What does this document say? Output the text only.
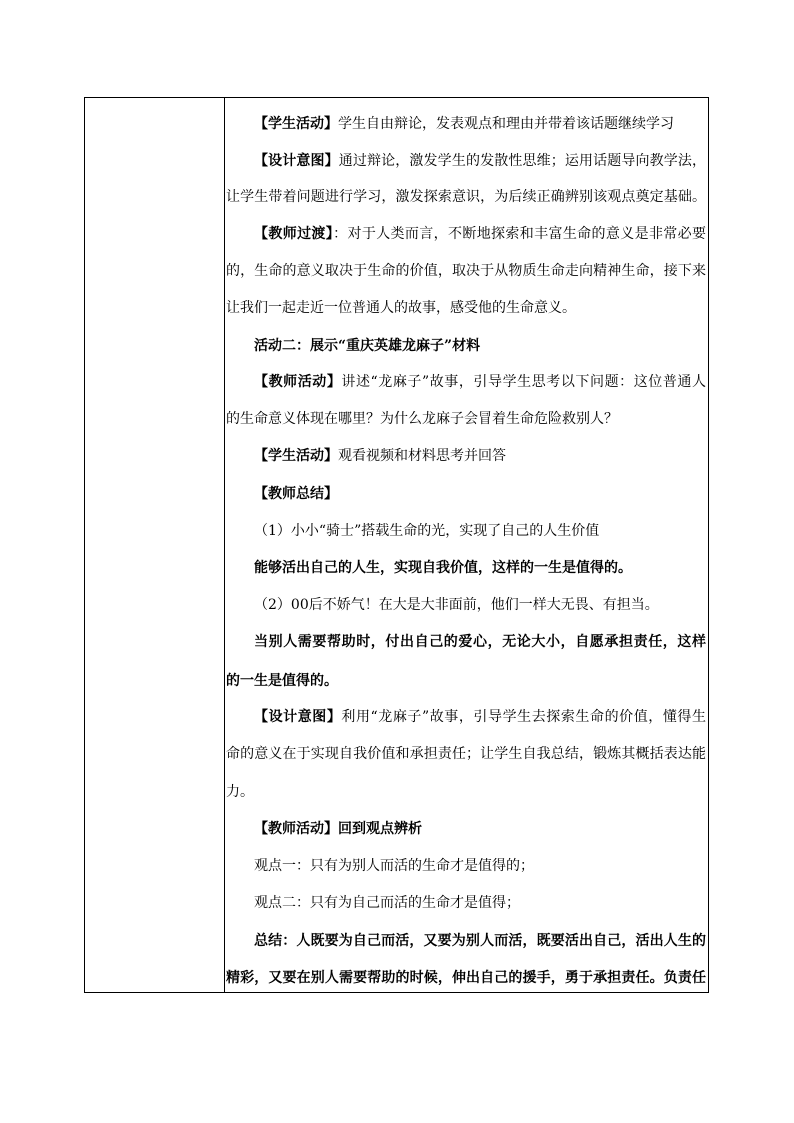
【学生活动】学生自由辩论，发表观点和理由并带着该话题继续学习
【设计意图】通过辩论，激发学生的发散性思维；运用话题导向教学法，
让学生带着问题进行学习，激发探索意识，为后续正确辨别该观点奠定基础。
【教师过渡】：对于人类而言，不断地探索和丰富生命的意义是非常必要
的，生命的意义取决于生命的价值，取决于从物质生命走向精神生命，接下来
让我们一起走近一位普通人的故事，感受他的生命意义。
活动二：展示“重庆英雄龙麻子”材料
【教师活动】讲述“龙麻子”故事，引导学生思考以下问题：这位普通人
的生命意义体现在哪里？为什么龙麻子会冒着生命危险救别人？
【学生活动】观看视频和材料思考并回答
【教师总结】
（1）小小“骑士”搭载生命的光，实现了自己的人生价值
能够活出自己的人生，实现自我价值，这样的一生是值得的。
（2）00后不娇气！在大是大非面前，他们一样大无畏、有担当。
当别人需要帮助时，付出自己的爱心，无论大小，自愿承担责任，这样
的一生是值得的。
【设计意图】利用“龙麻子”故事，引导学生去探索生命的价值，懂得生
命的意义在于实现自我价值和承担责任；让学生自我总结，锻炼其概括表达能
力。
【教师活动】回到观点辨析
观点一：只有为别人而活的生命才是值得的；
观点二：只有为自己而活的生命才是值得；
总结：人既要为自己而活，又要为别人而活，既要活出自己，活出人生的
精彩，又要在别人需要帮助的时候，伸出自己的援手，勇于承担责任。负责任
